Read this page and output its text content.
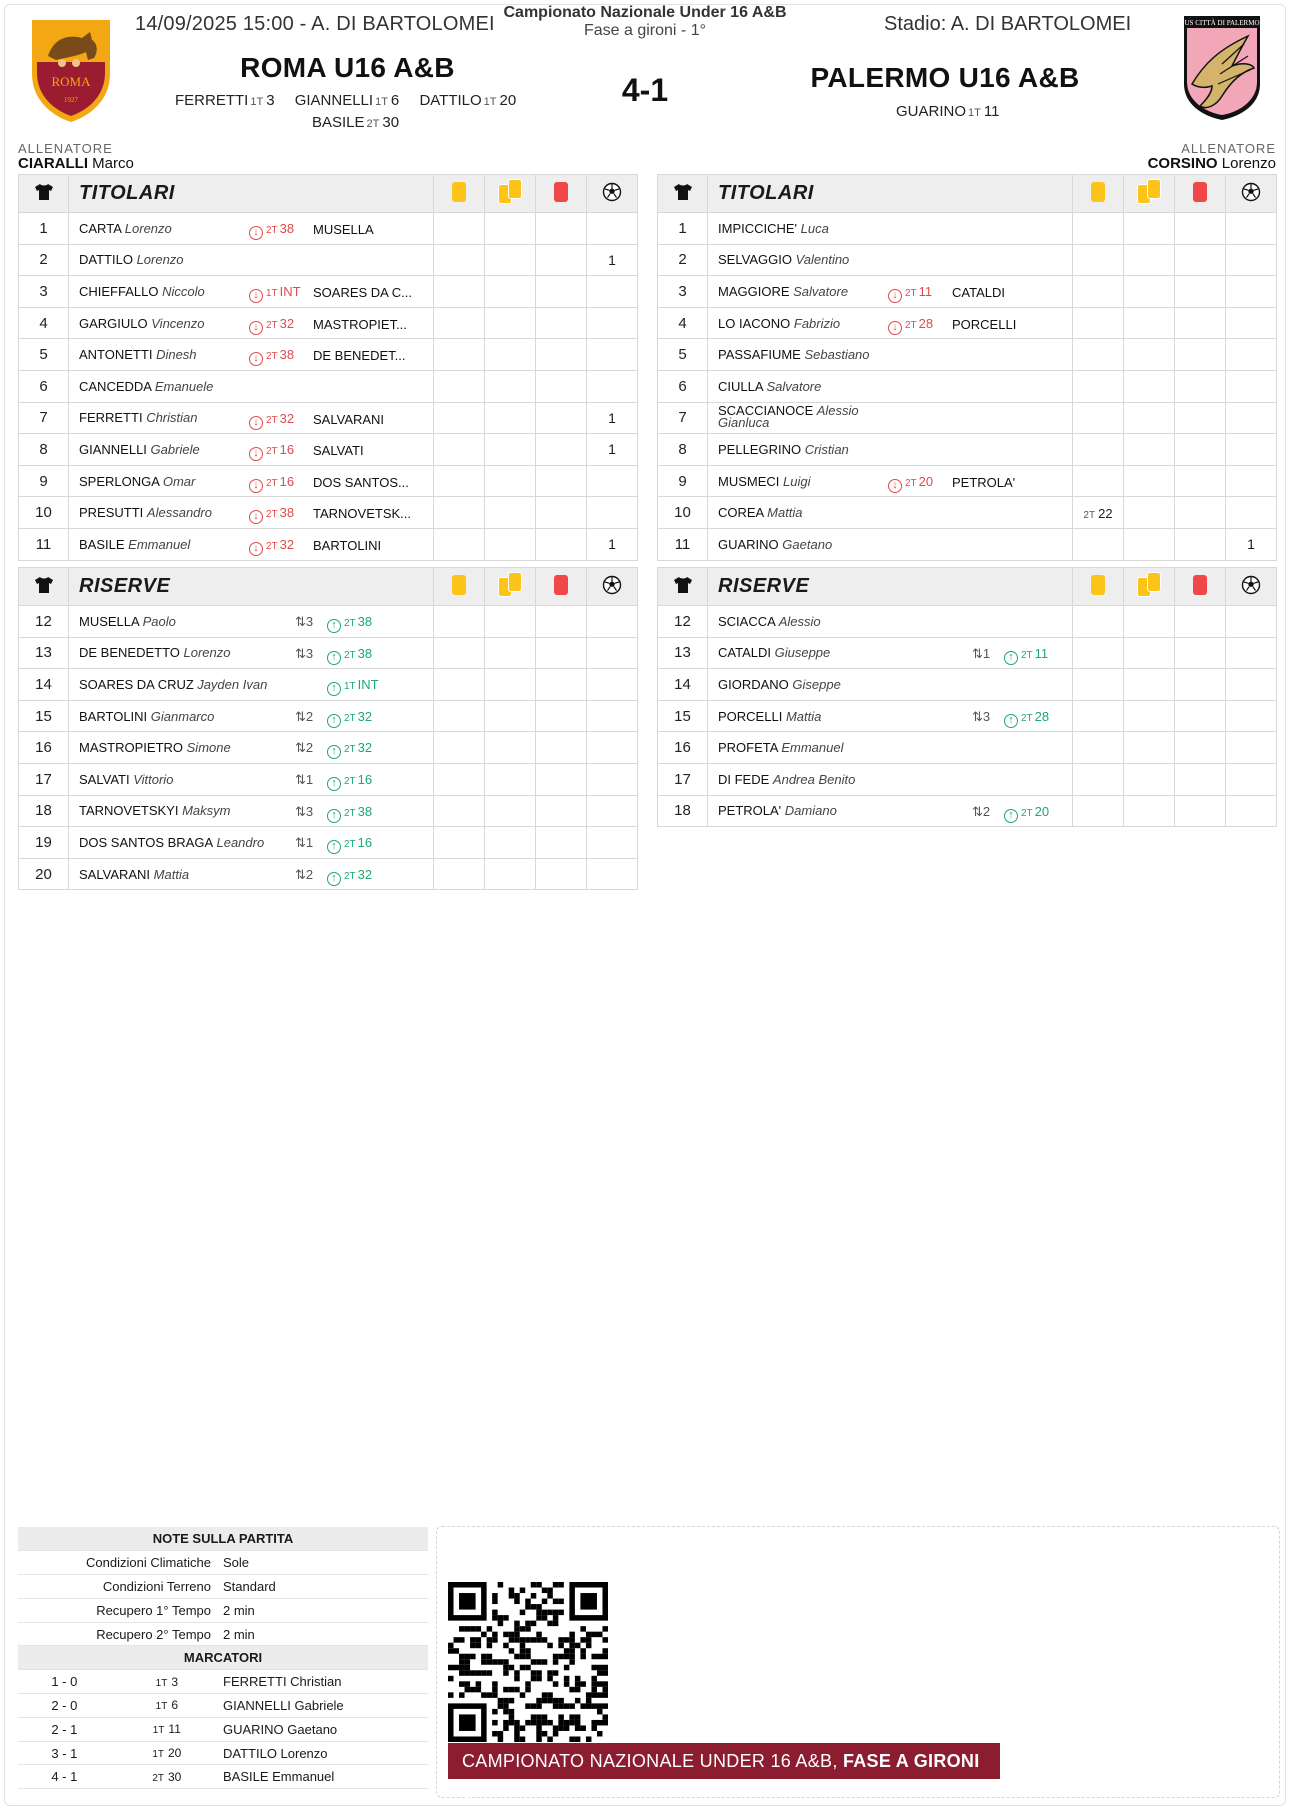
ROMA
1927
14/09/2025 15:00 - A. DI BARTOLOMEI
Campionato Nazionale Under 16 A&B
Fase a gironi - 1°	Stadio: A. DI BARTOLOMEI	US CITTÀ DI PALERMO
ROMA U16 A&B
4-1	PALERMO U16 A&B
FERRETTI 1T 3 GIANNELLI 1T 6 DATTILO 1T 20
BASILE 2T 30
GUARINO 1T 11
ALLENATORE
CIARALLI Marco
ALLENATORE
CORSINO Lorenzo
	TITOLARI		

1	CARTA Lorenzo ↓ 2T 38 MUSELLA				

2	DATTILO Lorenzo				1
3	CHIEFFALLO Niccolo ↓ 1T INT SOARES DA C...				

4	GARGIULO Vincenzo ↓ 2T 32 MASTROPIET...				

5	ANTONETTI Dinesh ↓ 2T 38 DE BENEDET...				

6	CANCEDDA Emanuele				
7	FERRETTI Christian ↓ 2T 32 SALVARANI				1
8	GIANNELLI Gabriele ↓ 2T 16 SALVATI				1
9	SPERLONGA Omar ↓ 2T 16 DOS SANTOS...				

10	PRESUTTI Alessandro ↓ 2T 38 TARNOVETSK...				

11	BASILE Emmanuel ↓ 2T 32 BARTOLINI				1
	RISERVE		

12	MUSELLA Paolo ⇅3 ↑ 2T 38				

13	DE BENEDETTO Lorenzo ⇅3 ↑ 2T 38				

14	SOARES DA CRUZ Jayden Ivan ↑ 1T INT				

15	BARTOLINI Gianmarco ⇅2 ↑ 2T 32				

16	MASTROPIETRO Simone ⇅2 ↑ 2T 32				

17	SALVATI Vittorio ⇅1 ↑ 2T 16				

18	TARNOVETSKYI Maksym ⇅3 ↑ 2T 38				

19	DOS SANTOS BRAGA Leandro ⇅1 ↑ 2T 16				

20	SALVARANI Mattia ⇅2 ↑ 2T 32				

	TITOLARI		

1	IMPICCICHE' Luca				
2	SELVAGGIO Valentino				
3	MAGGIORE Salvatore ↓ 2T 11 CATALDI				

4	LO IACONO Fabrizio ↓ 2T 28 PORCELLI				

5	PASSAFIUME Sebastiano				
6	CIULLA Salvatore				
7	SCACCIANOCE Alessio Gianluca				
8	PELLEGRINO Cristian				
9	MUSMECI Luigi ↓ 2T 20 PETROLA'				

10	COREA Mattia	2T 22			
11	GUARINO Gaetano				1
	RISERVE		

12	SCIACCA Alessio				
13	CATALDI Giuseppe ⇅1 ↑ 2T 11				

14	GIORDANO Giseppe				
15	PORCELLI Mattia ⇅3 ↑ 2T 28				

16	PROFETA Emmanuel				
17	DI FEDE Andrea Benito				
18	PETROLA' Damiano ⇅2 ↑ 2T 20				

NOTE SULLA PARTITA		
Condizioni Climatiche		Sole
Condizioni Terreno		Standard
Recupero 1° Tempo		2 min
Recupero 2° Tempo		2 min
MARCATORI		
1 - 0	1T 3	FERRETTI Christian
2 - 0	1T 6	GIANNELLI Gabriele
2 - 1	1T 11	GUARINO Gaetano
3 - 1	1T 20	DATTILO Lorenzo
4 - 1	2T 30	BASILE Emmanuel
CAMPIONATO NAZIONALE UNDER 16 A&B, FASE A GIRONI 1°
